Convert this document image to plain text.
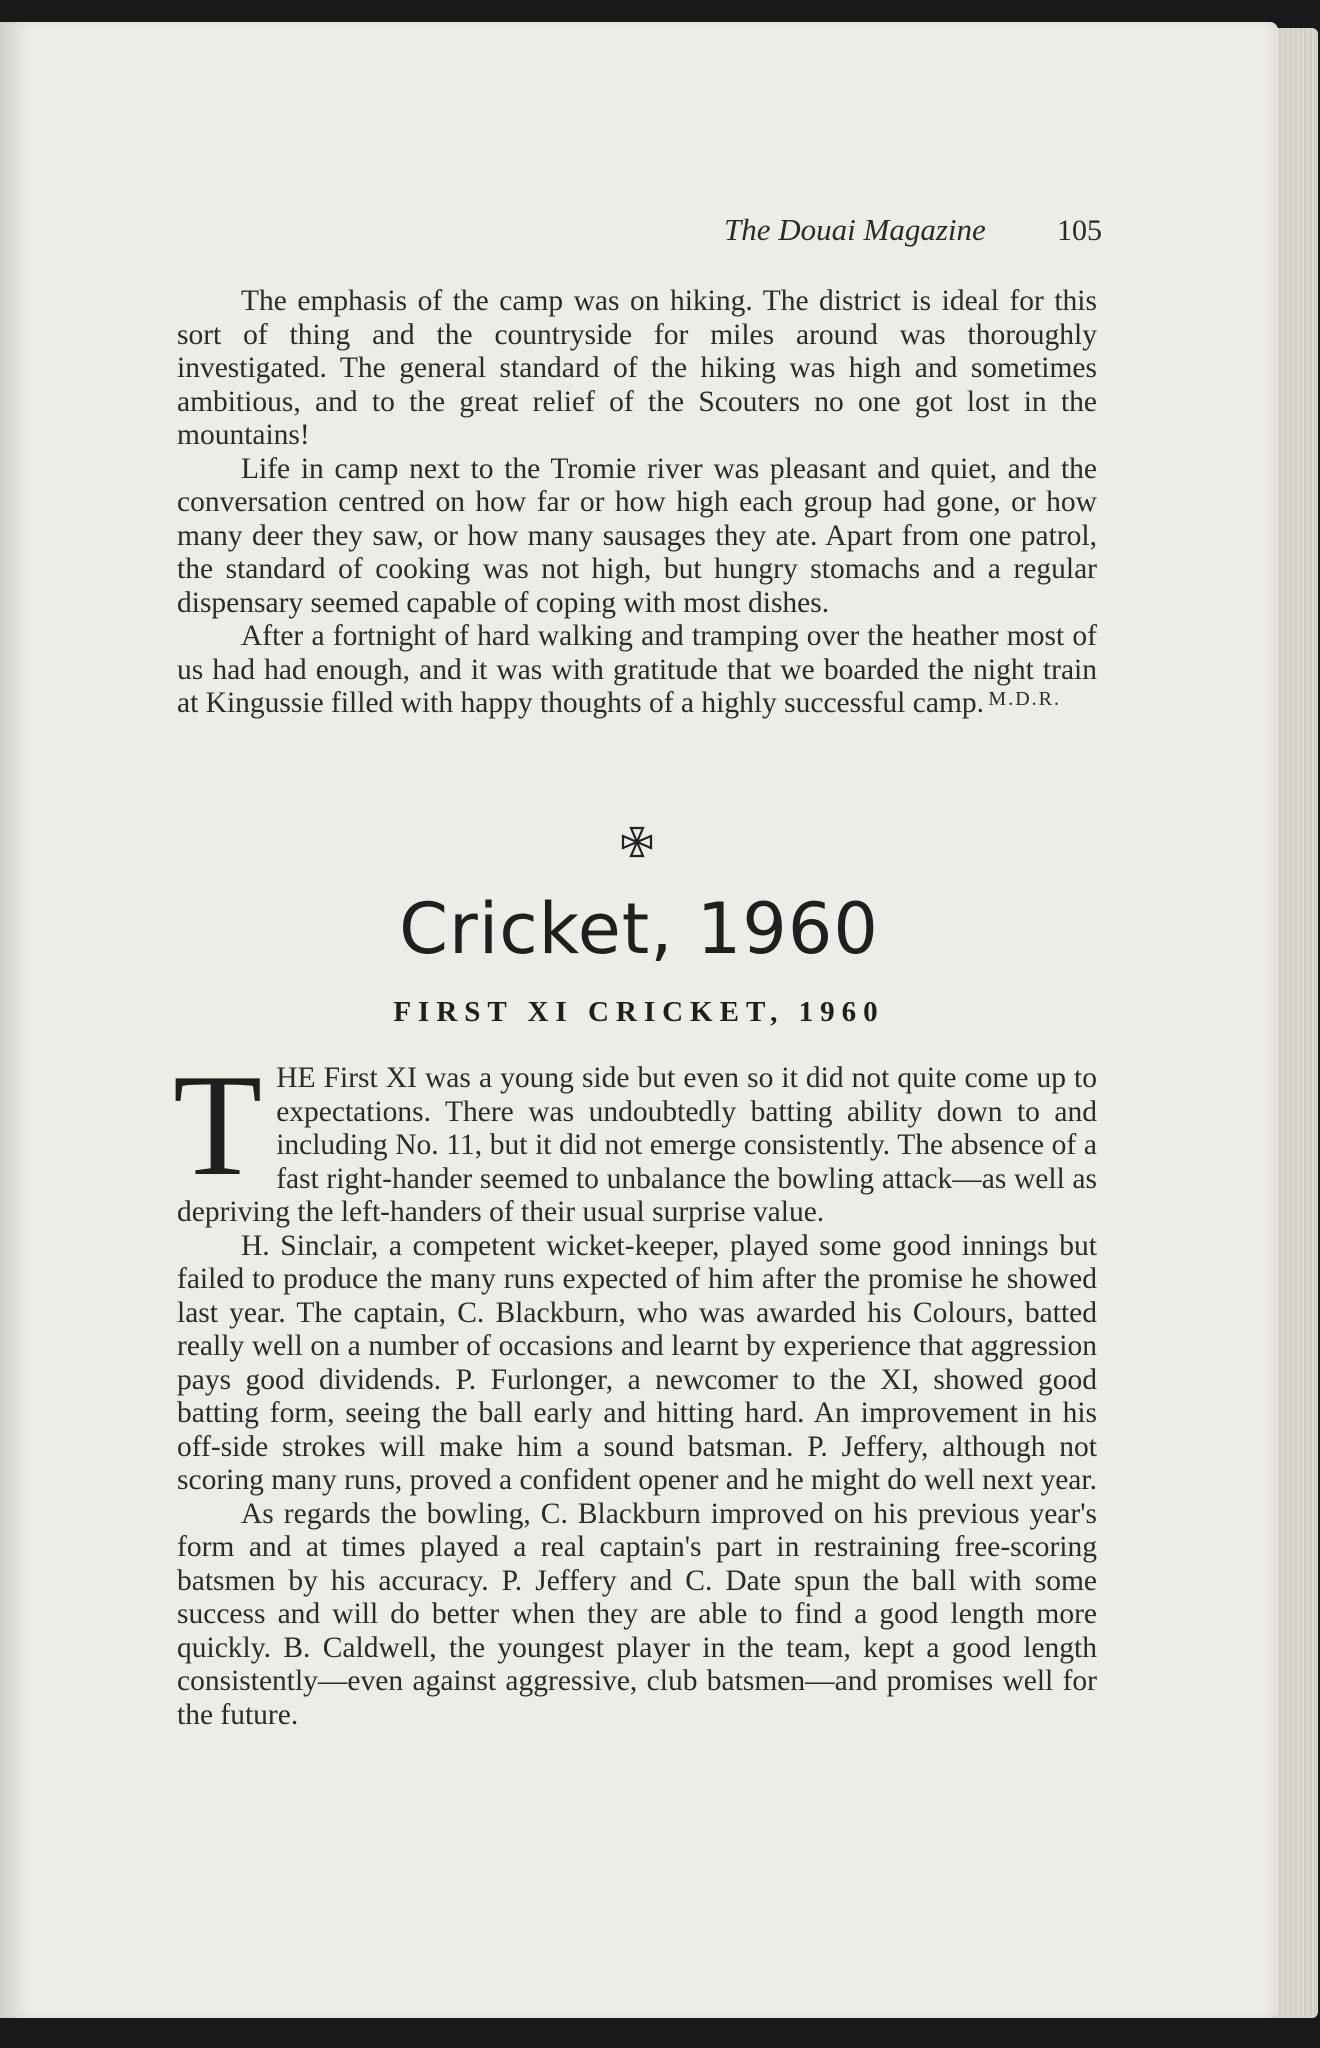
The Douai Magazine 105

The emphasis of the camp was on hiking. The district is ideal for this sort of thing and the countryside for miles around was thoroughly investigated. The general standard of the hiking was high and sometimes ambitious, and to the great relief of the Scouters no one got lost in the mountains!

Life in camp next to the Tromie river was pleasant and quiet, and the conversation centred on how far or how high each group had gone, or how many deer they saw, or how many sausages they ate. Apart from one patrol, the standard of cooking was not high, but hungry stomachs and a regular dispensary seemed capable of coping with most dishes.

After a fortnight of hard walking and tramping over the heather most of us had had enough, and it was with gratitude that we boarded the night train at Kingussie filled with happy thoughts of a highly successful camp. M.D.R.

Cricket, 1960
FIRST XI CRICKET, 1960

THE First XI was a young side but even so it did not quite come up to expectations. There was undoubtedly batting ability down to and including No. 11, but it did not emerge consistently. The absence of a fast right-hander seemed to unbalance the bowling attack—as well as depriving the left-handers of their usual surprise value.

H. Sinclair, a competent wicket-keeper, played some good innings but failed to produce the many runs expected of him after the promise he showed last year. The captain, C. Blackburn, who was awarded his Colours, batted really well on a number of occasions and learnt by experience that aggression pays good dividends. P. Furlonger, a newcomer to the XI, showed good batting form, seeing the ball early and hitting hard. An improvement in his off-side strokes will make him a sound batsman. P. Jeffery, although not scoring many runs, proved a confident opener and he might do well next year.

As regards the bowling, C. Blackburn improved on his previous year's form and at times played a real captain's part in restraining free-scoring batsmen by his accuracy. P. Jeffery and C. Date spun the ball with some success and will do better when they are able to find a good length more quickly. B. Caldwell, the youngest player in the team, kept a good length consistently—even against aggressive, club batsmen—and promises well for the future.
